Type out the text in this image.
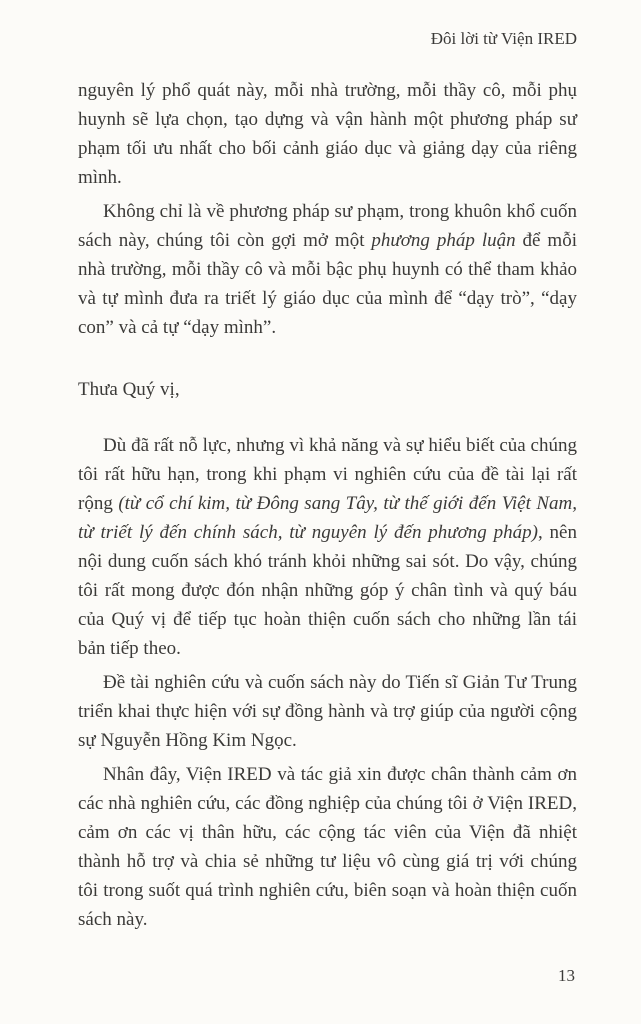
Đôi lời từ Viện IRED

nguyên lý phổ quát này, mỗi nhà trường, mỗi thầy cô, mỗi phụ huynh sẽ lựa chọn, tạo dựng và vận hành một phương pháp sư phạm tối ưu nhất cho bối cảnh giáo dục và giảng dạy của riêng mình.

Không chỉ là về phương pháp sư phạm, trong khuôn khổ cuốn sách này, chúng tôi còn gợi mở một phương pháp luận để mỗi nhà trường, mỗi thầy cô và mỗi bậc phụ huynh có thể tham khảo và tự mình đưa ra triết lý giáo dục của mình để “dạy trò”, “dạy con” và cả tự “dạy mình”.

Thưa Quý vị,

Dù đã rất nỗ lực, nhưng vì khả năng và sự hiểu biết của chúng tôi rất hữu hạn, trong khi phạm vi nghiên cứu của đề tài lại rất rộng (từ cổ chí kim, từ Đông sang Tây, từ thế giới đến Việt Nam, từ triết lý đến chính sách, từ nguyên lý đến phương pháp), nên nội dung cuốn sách khó tránh khỏi những sai sót. Do vậy, chúng tôi rất mong được đón nhận những góp ý chân tình và quý báu của Quý vị để tiếp tục hoàn thiện cuốn sách cho những lần tái bản tiếp theo.

Đề tài nghiên cứu và cuốn sách này do Tiến sĩ Giản Tư Trung triển khai thực hiện với sự đồng hành và trợ giúp của người cộng sự Nguyễn Hồng Kim Ngọc.

Nhân đây, Viện IRED và tác giả xin được chân thành cảm ơn các nhà nghiên cứu, các đồng nghiệp của chúng tôi ở Viện IRED, cảm ơn các vị thân hữu, các cộng tác viên của Viện đã nhiệt thành hỗ trợ và chia sẻ những tư liệu vô cùng giá trị với chúng tôi trong suốt quá trình nghiên cứu, biên soạn và hoàn thiện cuốn sách này.

13
